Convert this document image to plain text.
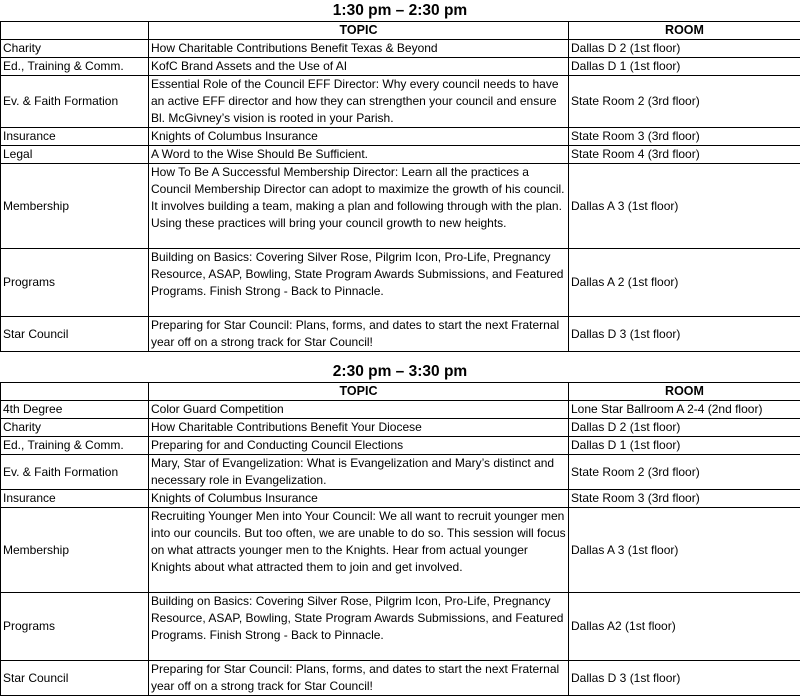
1:30 pm – 2:30 pm
	TOPIC	ROOM
Charity	How Charitable Contributions Benefit Texas & Beyond	Dallas D 2 (1st floor)
Ed., Training & Comm.	KofC Brand Assets and the Use of AI	Dallas D 1 (1st floor)
Ev. & Faith Formation	Essential Role of the Council EFF Director: Why every council needs to have an active EFF director and how they can strengthen your council and ensure Bl. McGivney’s vision is rooted in your Parish.	State Room 2 (3rd floor)
Insurance	Knights of Columbus Insurance	State Room 3 (3rd floor)
Legal	A Word to the Wise Should Be Sufficient.	State Room 4 (3rd floor)
Membership	How To Be A Successful Membership Director: Learn all the practices a Council Membership Director can adopt to maximize the growth of his council. It involves building a team, making a plan and following through with the plan. Using these practices will bring your council growth to new heights.	Dallas A 3 (1st floor)
Programs	Building on Basics: Covering Silver Rose, Pilgrim Icon, Pro-Life, Pregnancy Resource, ASAP, Bowling, State Program Awards Submissions, and Featured Programs. Finish Strong - Back to Pinnacle.	Dallas A 2 (1st floor)
Star Council	Preparing for Star Council: Plans, forms, and dates to start the next Fraternal year off on a strong track for Star Council!	Dallas D 3 (1st floor)
2:30 pm – 3:30 pm
	TOPIC	ROOM
4th Degree	Color Guard Competition	Lone Star Ballroom A 2-4 (2nd floor)
Charity	How Charitable Contributions Benefit Your Diocese	Dallas D 2 (1st floor)
Ed., Training & Comm.	Preparing for and Conducting Council Elections	Dallas D 1 (1st floor)
Ev. & Faith Formation	Mary, Star of Evangelization: What is Evangelization and Mary’s distinct and necessary role in Evangelization.	State Room 2 (3rd floor)
Insurance	Knights of Columbus Insurance	State Room 3 (3rd floor)
Membership	Recruiting Younger Men into Your Council: We all want to recruit younger men into our councils. But too often, we are unable to do so. This session will focus on what attracts younger men to the Knights. Hear from actual younger Knights about what attracted them to join and get involved.	Dallas A 3 (1st floor)
Programs	Building on Basics: Covering Silver Rose, Pilgrim Icon, Pro-Life, Pregnancy Resource, ASAP, Bowling, State Program Awards Submissions, and Featured Programs. Finish Strong - Back to Pinnacle.	Dallas A2 (1st floor)
Star Council	Preparing for Star Council: Plans, forms, and dates to start the next Fraternal year off on a strong track for Star Council!	Dallas D 3 (1st floor)
